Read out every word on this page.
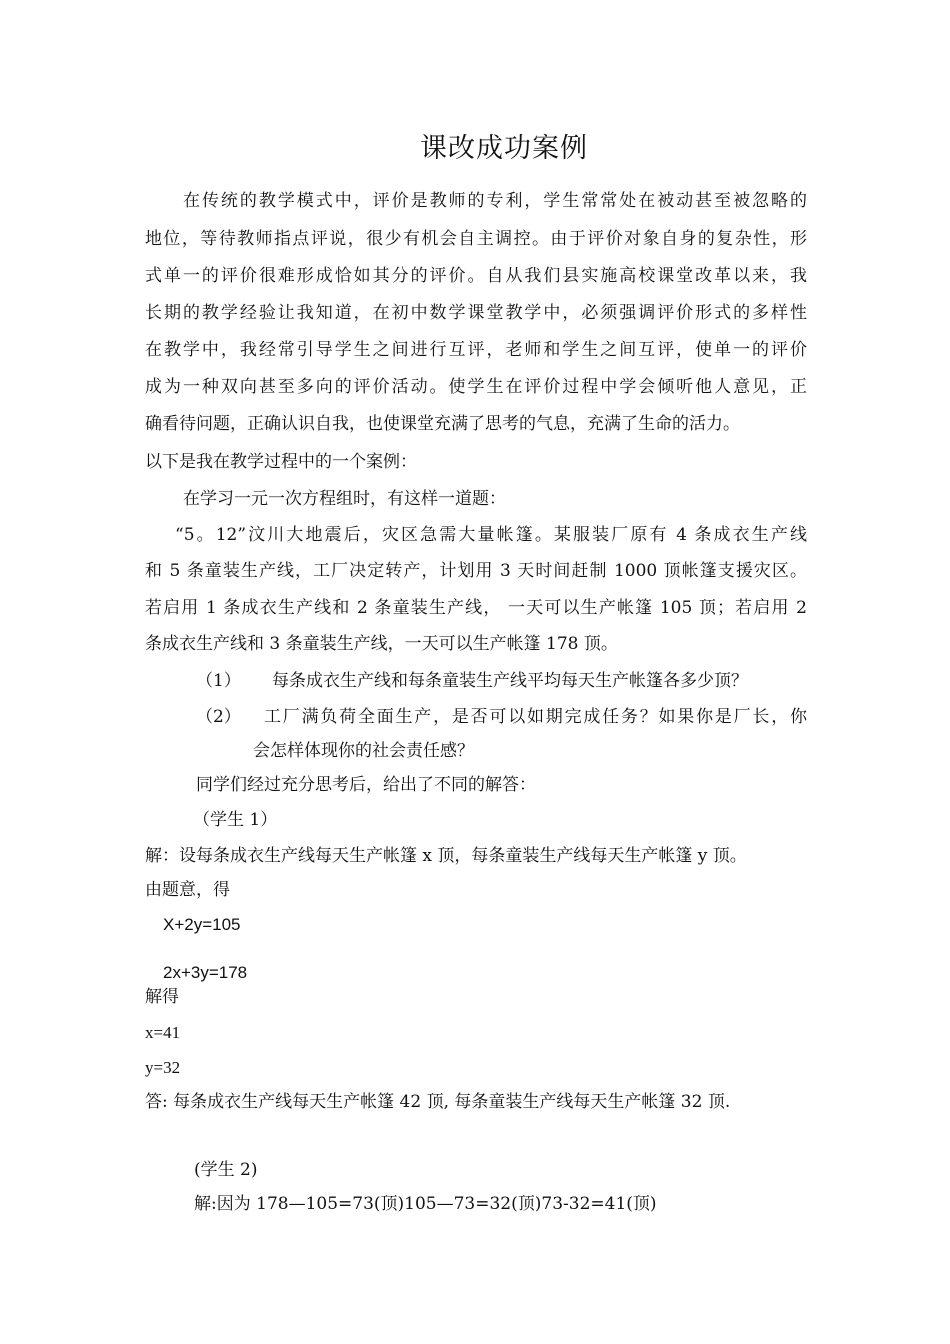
课改成功案例
在传统的教学模式中，评价是教师的专利，学生常常处在被动甚至被忽略的
地位，等待教师指点评说，很少有机会自主调控。由于评价对象自身的复杂性，形
式单一的评价很难形成恰如其分的评价。自从我们县实施高校课堂改革以来，我
长期的教学经验让我知道，在初中数学课堂教学中，必须强调评价形式的多样性
在教学中，我经常引导学生之间进行互评，老师和学生之间互评，使单一的评价
成为一种双向甚至多向的评价活动。使学生在评价过程中学会倾听他人意见，正
确看待问题，正确认识自我，也使课堂充满了思考的气息，充满了生命的活力。
以下是我在教学过程中的一个案例：
在学习一元一次方程组时，有这样一道题：
“5。12”汶川大地震后，灾区急需大量帐篷。某服装厂原有 4 条成衣生产线
和 5 条童装生产线，工厂决定转产，计划用 3 天时间赶制 1000 顶帐篷支援灾区。
若启用 1 条成衣生产线和 2 条童装生产线， 一天可以生产帐篷 105 顶；若启用 2
条成衣生产线和 3 条童装生产线，一天可以生产帐篷 178 顶。
（1） 每条成衣生产线和每条童装生产线平均每天生产帐篷各多少顶？
（2） 工厂满负荷全面生产，是否可以如期完成任务？如果你是厂长，你
会怎样体现你的社会责任感？
同学们经过充分思考后，给出了不同的解答：
（学生 1）
解：设每条成衣生产线每天生产帐篷 x 顶，每条童装生产线每天生产帐篷 y 顶。
由题意，得
X+2y=105
2x+3y=178
解得
x=41
y=32
答: 每条成衣生产线每天生产帐篷 42 顶, 每条童装生产线每天生产帐篷 32 顶.
(学生 2)
解:因为 178—105=73(顶)105—73=32(顶)73-32=41(顶)
